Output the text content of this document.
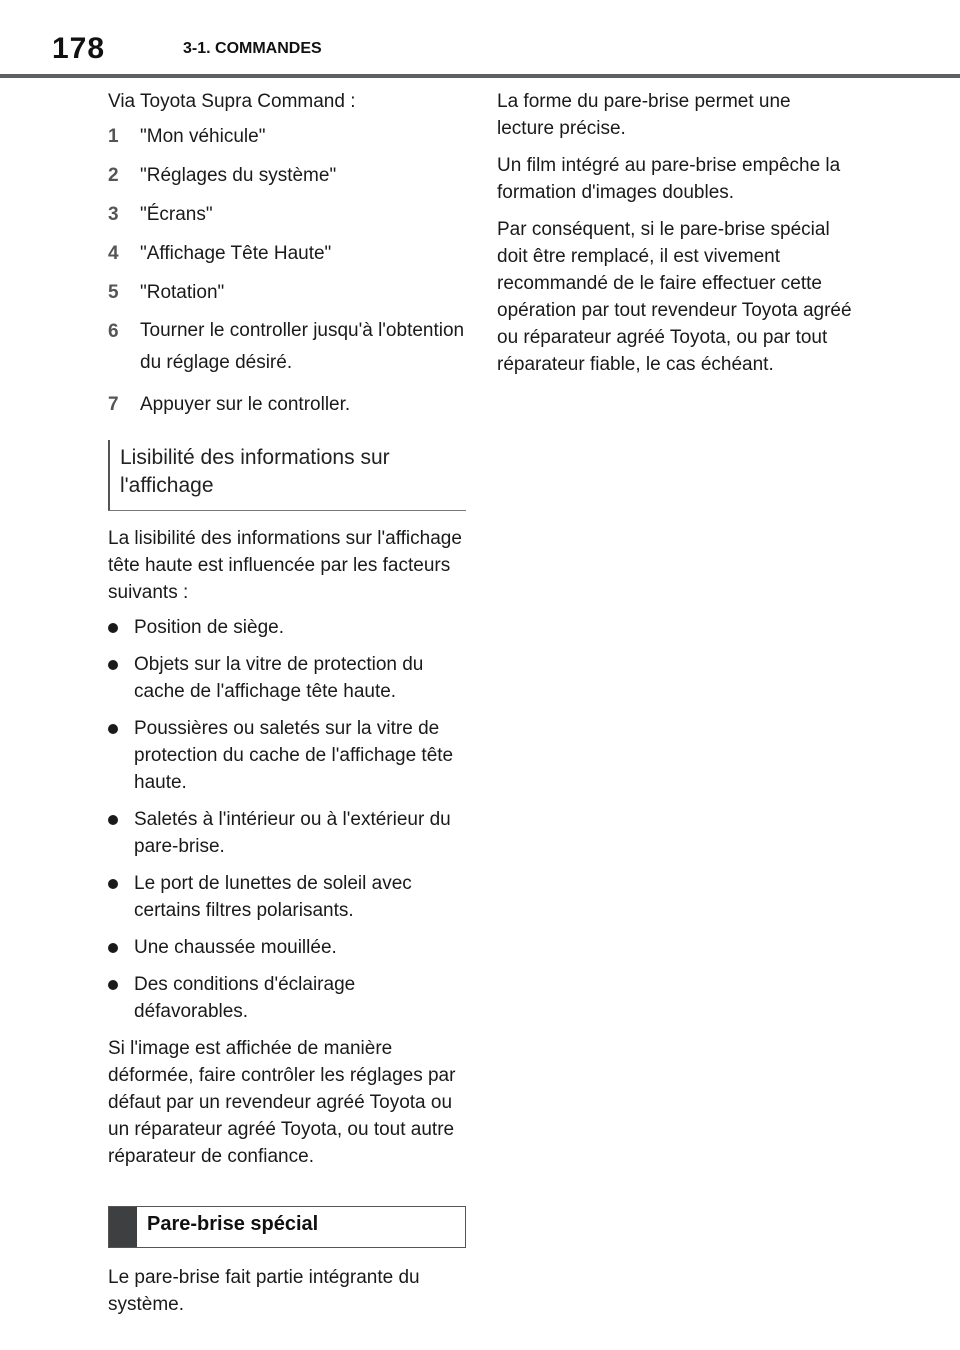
178	3-1. COMMANDES

Via Toyota Supra Command :

1	"Mon véhicule"
2	"Réglages du système"
3	"Écrans"
4	"Affichage Tête Haute"
5	"Rotation"
6	Tourner le controller jusqu'à l'obtention du réglage désiré.
7	Appuyer sur le controller.
Lisibilité des informations sur l'affichage

La lisibilité des informations sur l'affichage tête haute est influencée par les facteurs suivants :

Position de siège.
Objets sur la vitre de protection du cache de l'affichage tête haute.
Poussières ou saletés sur la vitre de protection du cache de l'affichage tête haute.
Saletés à l'intérieur ou à l'extérieur du pare-brise.
Le port de lunettes de soleil avec certains filtres polarisants.
Une chaussée mouillée.
Des conditions d'éclairage défavorables.

Si l'image est affichée de manière déformée, faire contrôler les réglages par défaut par un revendeur agréé Toyota ou un réparateur agréé Toyota, ou tout autre réparateur de confiance.

Pare-brise spécial

Le pare-brise fait partie intégrante du système.

La forme du pare-brise permet une lecture précise.

Un film intégré au pare-brise empêche la formation d'images doubles.

Par conséquent, si le pare-brise spécial doit être remplacé, il est vivement recommandé de le faire effectuer cette opération par tout revendeur Toyota agréé ou réparateur agréé Toyota, ou par tout réparateur fiable, le cas échéant.
